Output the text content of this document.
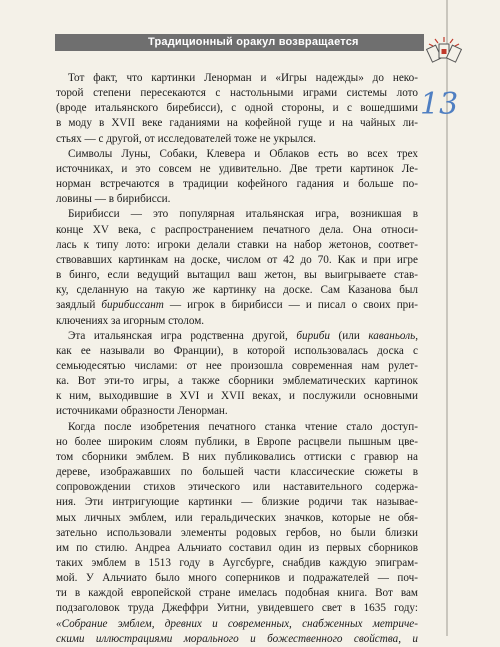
Традиционный оракул возвращается
13
Тот факт, что картинки Ленорман и «Игры надежды» до неко-
торой степени пересекаются с настольными играми системы лото
(вроде итальянского биребисси), с одной стороны, и с вошедшими
в моду в XVII веке гаданиями на кофейной гуще и на чайных ли-
стьях — с другой, от исследователей тоже не укрылся.
Символы Луны, Собаки, Клевера и Облаков есть во всех трех
источниках, и это совсем не удивительно. Две трети картинок Ле-
норман встречаются в традиции кофейного гадания и больше по-
ловины — в бирибисси.
Бирибисси — это популярная итальянская игра, возникшая в
конце XV века, с распространением печатного дела. Она относи-
лась к типу лото: игроки делали ставки на набор жетонов, соответ-
ствовавших картинкам на доске, числом от 42 до 70. Как и при игре
в бинго, если ведущий вытащил ваш жетон, вы выигрываете став-
ку, сделанную на такую же картинку на доске. Сам Казанова был
заядлый бирибиссант — игрок в бирибисси — и писал о своих при-
ключениях за игорным столом.
Эта итальянская игра родственна другой, бириби (или каваньоль,
как ее называли во Франции), в которой использовалась доска с
семьюдесятью числами: от нее произошла современная нам рулет-
ка. Вот эти-то игры, а также сборники эмблематических картинок
к ним, выходившие в XVI и XVII веках, и послужили основными
источниками образности Ленорман.
Когда после изобретения печатного станка чтение стало доступ-
но более широким слоям публики, в Европе расцвели пышным цве-
том сборники эмблем. В них публиковались оттиски с гравюр на
дереве, изображавших по большей части классические сюжеты в
сопровождении стихов этического или наставительного содержа-
ния. Эти интригующие картинки — близкие родичи так называе-
мых личных эмблем, или геральдических значков, которые не обя-
зательно использовали элементы родовых гербов, но были близки
им по стилю. Андреа Альчиато составил один из первых сборников
таких эмблем в 1513 году в Аугсбурге, снабдив каждую эпиграм-
мой. У Альчиато было много соперников и подражателей — поч-
ти в каждой европейской стране имелась подобная книга. Вот вам
подзаголовок труда Джеффри Уитни, увидевшего свет в 1635 году:
«Собрание эмблем, древних и современных, снабженных метриче-
скими иллюстрациями морального и божественного свойства, и
